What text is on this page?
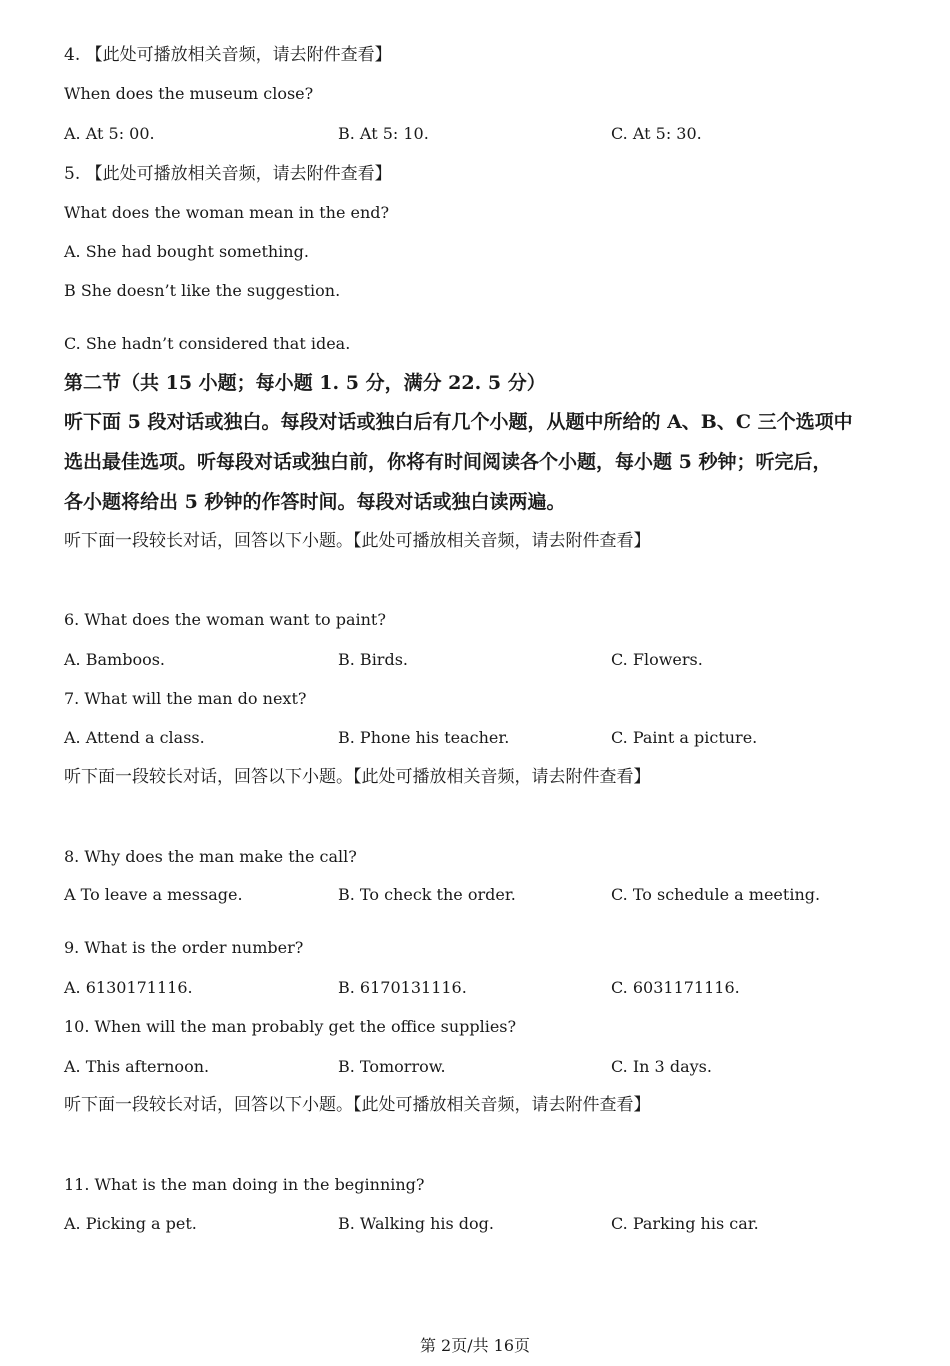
4. 【此处可播放相关音频，请去附件查看】
When does the museum close?
A. At 5: 00.	B. At 5: 10.	C. At 5: 30.
5. 【此处可播放相关音频，请去附件查看】
What does the woman mean in the end?
A. She had bought something.
B She doesn’t like the suggestion.
C. She hadn’t considered that idea.
第二节（共 15 小题；每小题 1. 5 分，满分 22. 5 分）
听下面 5 段对话或独白。每段对话或独白后有几个小题，从题中所给的 A、B、C 三个选项中
选出最佳选项。听每段对话或独白前，你将有时间阅读各个小题，每小题 5 秒钟；听完后，
各小题将给出 5 秒钟的作答时间。每段对话或独白读两遍。
听下面一段较长对话，回答以下小题。【此处可播放相关音频，请去附件查看】
6. What does the woman want to paint?
A. Bamboos.	B. Birds.	C. Flowers.
7. What will the man do next?
A. Attend a class.	B. Phone his teacher.	C. Paint a picture.
听下面一段较长对话，回答以下小题。【此处可播放相关音频，请去附件查看】
8. Why does the man make the call?
A To leave a message.	B. To check the order.	C. To schedule a meeting.
9. What is the order number?
A. 6130171116.	B. 6170131116.	C. 6031171116.
10. When will the man probably get the office supplies?
A. This afternoon.	B. Tomorrow.	C. In 3 days.
听下面一段较长对话，回答以下小题。【此处可播放相关音频，请去附件查看】
11. What is the man doing in the beginning?
A. Picking a pet.	B. Walking his dog.	C. Parking his car.
第 2页/共 16页
